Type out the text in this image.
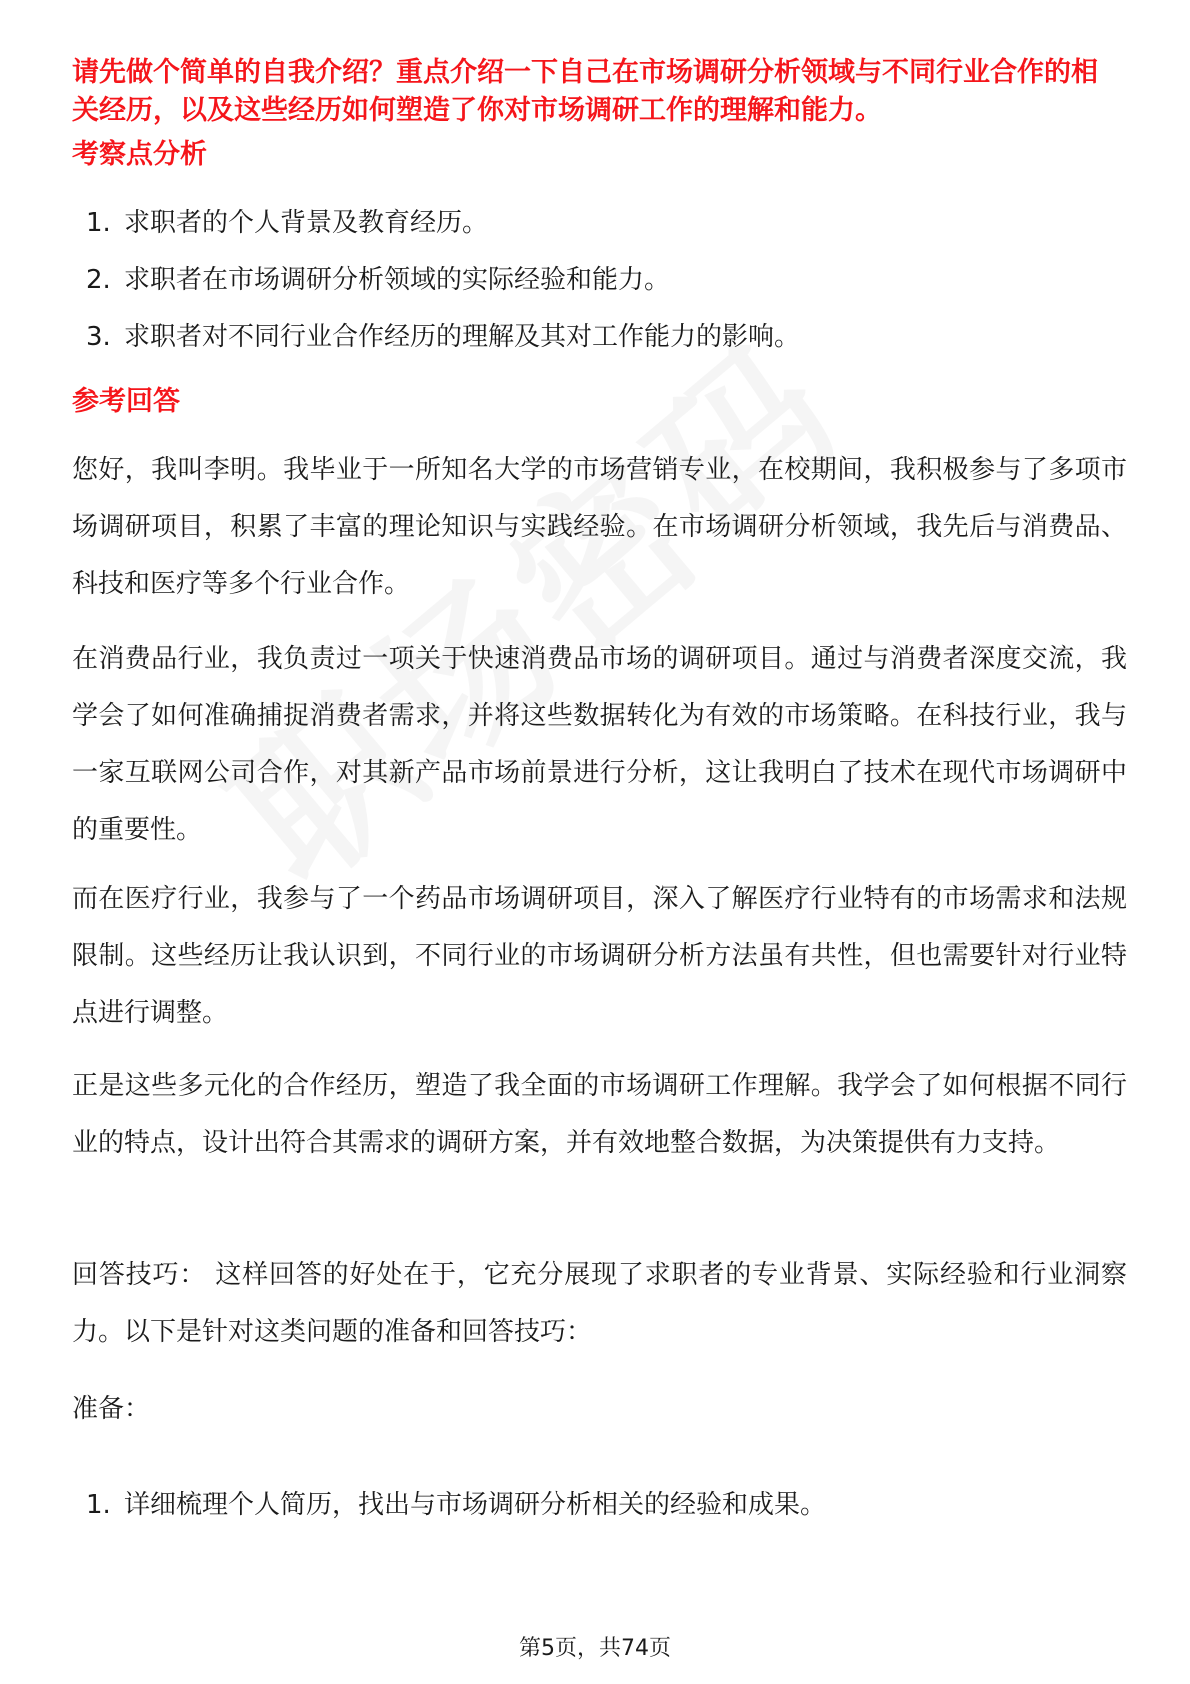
请先做个简单的自我介绍？重点介绍一下自己在市场调研分析领域与不同行业合作的相关经历，以及这些经历如何塑造了你对市场调研工作的理解和能力。

考察点分析
1. 求职者的个人背景及教育经历。
2. 求职者在市场调研分析领域的实际经验和能力。
3. 求职者对不同行业合作经历的理解及其对工作能力的影响。
参考回答

您好，我叫李明。我毕业于一所知名大学的市场营销专业，在校期间，我积极参与了多项市场调研项目，积累了丰富的理论知识与实践经验。在市场调研分析领域，我先后与消费品、科技和医疗等多个行业合作。

在消费品行业，我负责过一项关于快速消费品市场的调研项目。通过与消费者深度交流，我学会了如何准确捕捉消费者需求，并将这些数据转化为有效的市场策略。在科技行业，我与一家互联网公司合作，对其新产品市场前景进行分析，这让我明白了技术在现代市场调研中的重要性。

而在医疗行业，我参与了一个药品市场调研项目，深入了解医疗行业特有的市场需求和法规限制。这些经历让我认识到，不同行业的市场调研分析方法虽有共性，但也需要针对行业特点进行调整。

正是这些多元化的合作经历，塑造了我全面的市场调研工作理解。我学会了如何根据不同行业的特点，设计出符合其需求的调研方案，并有效地整合数据，为决策提供有力支持。

回答技巧： 这样回答的好处在于，它充分展现了求职者的专业背景、实际经验和行业洞察力。以下是针对这类问题的准备和回答技巧：

准备：

1. 详细梳理个人简历，找出与市场调研分析相关的经验和成果。
第5页，共74页
